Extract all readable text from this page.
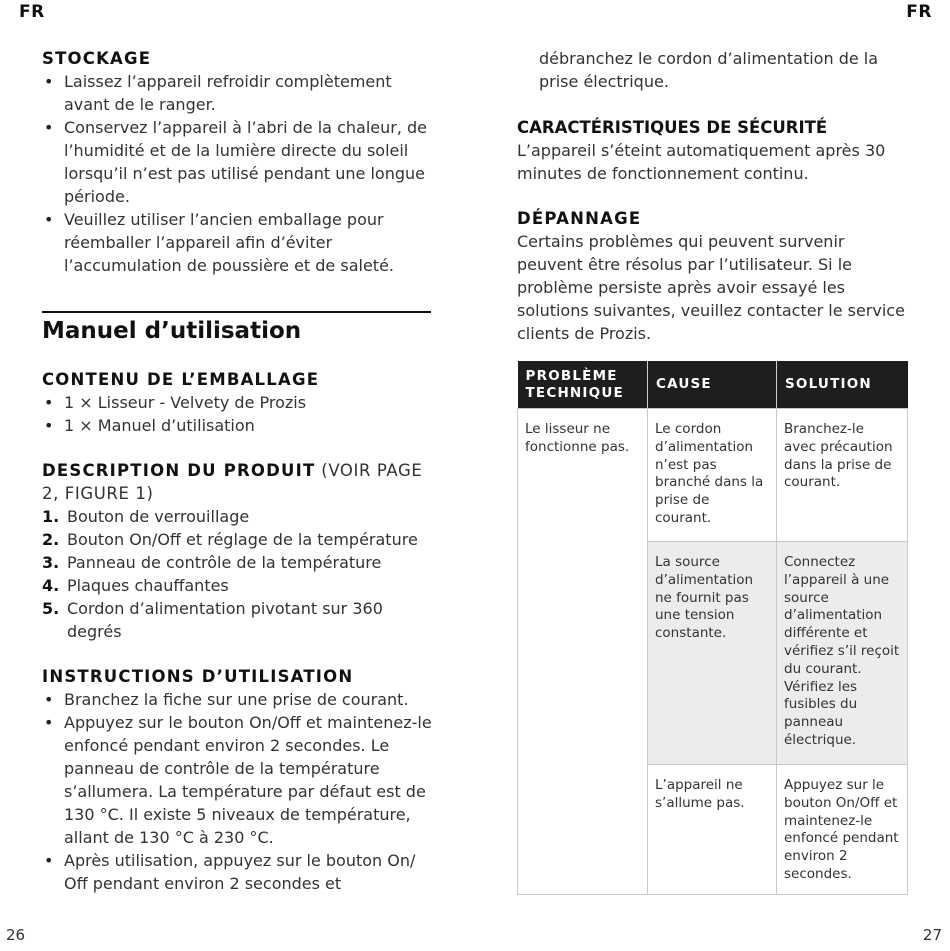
FR	FR
26	27
STOCKAGE
• Laissez l’appareil refroidir complètement avant de le ranger.
• Conservez l’appareil à l’abri de la chaleur, de l’humidité et de la lumière directe du soleil lorsqu’il n’est pas utilisé pendant une longue période.
• Veuillez utiliser l’ancien emballage pour réemballer l’appareil afin d’éviter l’accumulation de poussière et de saleté.
Manuel d’utilisation
CONTENU DE L’EMBALLAGE
• 1 × Lisseur - Velvety de Prozis
• 1 × Manuel d’utilisation
DESCRIPTION DU PRODUIT (VOIR PAGE 2, FIGURE 1)
1. Bouton de verrouillage
2. Bouton On/Off et réglage de la température
3. Panneau de contrôle de la température
4. Plaques chauffantes
5. Cordon d’alimentation pivotant sur 360 degrés
INSTRUCTIONS D’UTILISATION
• Branchez la fiche sur une prise de courant.
• Appuyez sur le bouton On/Off et maintenez-le enfoncé pendant environ 2 secondes. Le panneau de contrôle de la température s’allumera. La température par défaut est de 130 °C. Il existe 5 niveaux de température, allant de 130 °C à 230 °C.
• Après utilisation, appuyez sur le bouton On/ Off pendant environ 2 secondes et
débranchez le cordon d’alimentation de la prise électrique.
CARACTÉRISTIQUES DE SÉCURITÉ

L’appareil s’éteint automatiquement après 30 minutes de fonctionnement continu.

DÉPANNAGE

Certains problèmes qui peuvent survenir peuvent être résolus par l’utilisateur. Si le problème persiste après avoir essayé les solutions suivantes, veuillez contacter le service clients de Prozis.

PROBLÈME TECHNIQUE	CAUSE	SOLUTION
Le lisseur ne fonctionne pas.	Le cordon d’alimentation n’est pas branché dans la prise de courant.	Branchez-le avec précaution dans la prise de courant.
	La source d’alimentation ne fournit pas une tension constante.	Connectez l’appareil à une source d’alimentation différente et vérifiez s’il reçoit du courant. Vérifiez les fusibles du panneau électrique.
	L’appareil ne s’allume pas.	Appuyez sur le bouton On/Off et maintenez-le enfoncé pendant environ 2 secondes.
